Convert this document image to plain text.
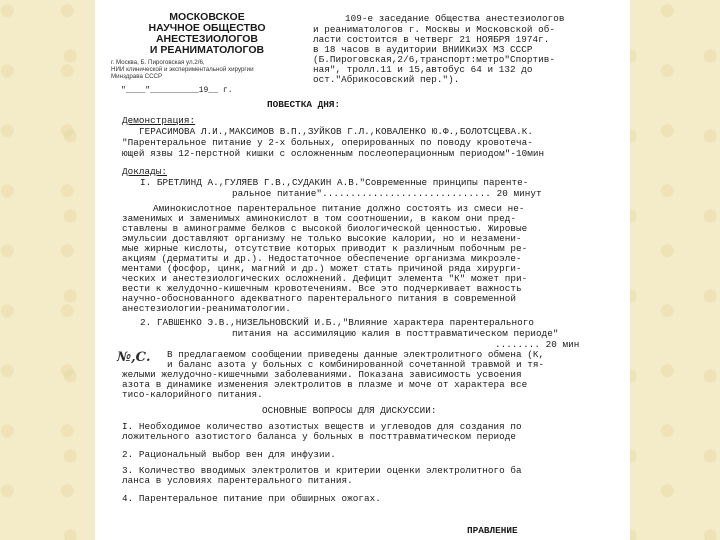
МОСКОВСКОЕ
НАУЧНОЕ ОБЩЕСТВО
АНЕСТЕЗИОЛОГОВ
И РЕАНИМАТОЛОГОВ
г. Москва, Б. Пироговская ул.2/6,
НИИ клинической и экспериментальной хирургии Минздрава СССР
"____"__________19__ г.
109-е заседание Общества анестезиологов
и реаниматологов г. Москвы и Московской об-
ласти состоится в четверг 21 НОЯБРЯ 1974г.
в 18 часов в аудитории ВНИИКиЭХ МЗ СССР
(Б.Пироговская,2/6,транспорт:метро"Спортив-
ная", тролл.11 и 15,автобус 64 и 132 до
ост."Абрикосовский пер.").
ПОВЕСТКА ДНЯ:
Демонстрация:
ГЕРАСИМОВА Л.И.,МАКСИМОВ В.П.,ЗУЙКОВ Г.Л.,КОВАЛЕНКО Ю.Ф.,БОЛОТСЦЕВА.К.
"Парентеральное питание у 2-х больных, оперированных по поводу кровотеча-
ющей язвы 12-перстной кишки с осложненным послеоперационным периодом"-10мин
Доклады:
I. БРЕТЛИНД А.,ГУЛЯЕВ Г.В.,СУДАКИН А.В."Современные принципы паренте-
ральное питание".............................. 20 минут
Аминокислотное парентеральное питание должно состоять из смеси не-
заменимых и заменимых аминокислот в том соотношении, в каком они пред-
ставлены в аминограмме белков с высокой биологической ценностью. Жировые
эмульсии доставляют организму не только высокие калории, но и незамени-
мые жирные кислоты, отсутствие которых приводит к различным побочным ре-
акциям (дерматиты и др.). Недостаточное обеспечение организма микроэле-
ментами (фосфор, цинк, магний и др.) может стать причиной ряда хирурги-
ческих и анестезиологических осложнений. Дефицит элемента "К" может при-
вести к желудочно-кишечным кровотечениям. Все это подчеркивает важность
научно-обоснованного адекватного парентерального питания в современной
анестезиологии-реаниматологии.
2. ГАВШЕНКО Э.В.,НИЗЕЛЬНОВСКИЙ И.Б.,"Влияние характера парентерального
питания на ассимиляцию калия в посттравматическом периоде"
........ 20 мин
№,С. В предлагаемом сообщении приведены данные электролитного обмена (К,
и баланс азота у больных с комбинированной сочетанной травмой и тя-
желыми желудочно-кишечными заболеваниями. Показана зависимость усвоения
азота в динамике изменения электролитов в плазме и моче от характера все
тисо-калорийного питания.
ОСНОВНЫЕ ВОПРОСЫ ДЛЯ ДИСКУССИИ:
I. Необходимое количество азотистых веществ и углеводов для создания по
ложительного азотистого баланса у больных в посттравматическом периоде
2. Рациональный выбор вен для инфузии.
3. Количество вводимых электролитов и критерии оценки электролитного ба
ланса в условиях парентерального питания.
4. Парентеральное питание при обширных ожогах.
ПРАВЛЕНИЕ
